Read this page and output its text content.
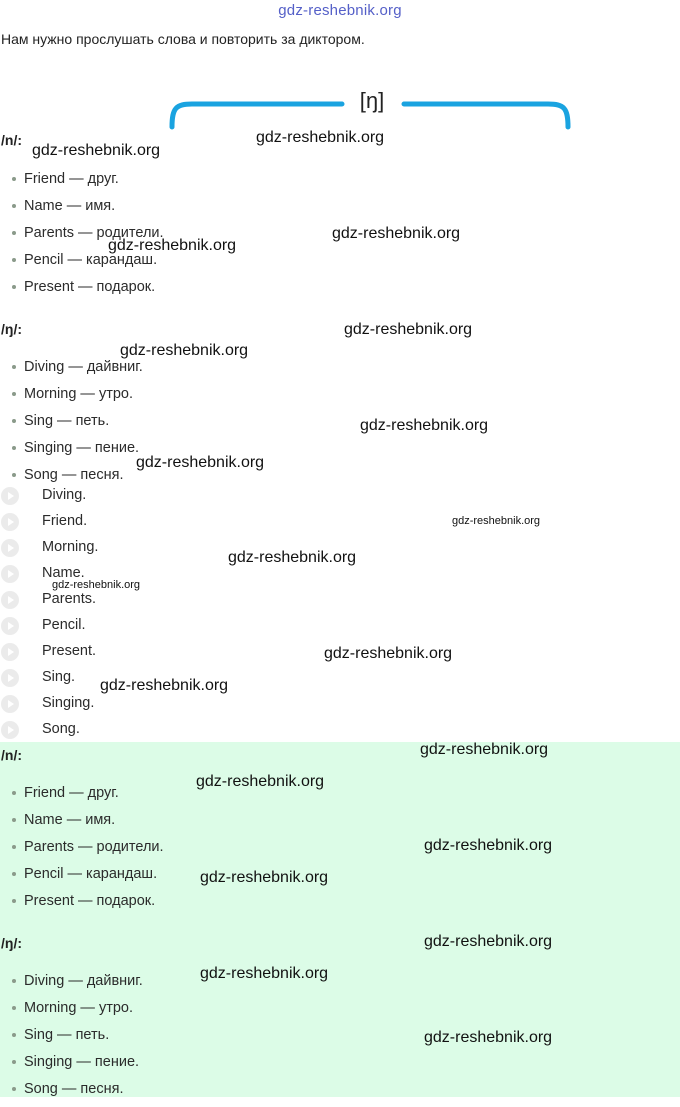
gdz-reshebnik.org
Нам нужно прослушать слова и повторить за диктором.
[ŋ]
/n/:
Friend — друг.
Name — имя.
Parents — родители.
Pencil — карандаш.
Present — подарок.
/ŋ/:
Diving — дайвниг.
Morning — утро.
Sing — петь.
Singing — пение.
Song — песня.
Diving.
Friend.
Morning.
Name.
Parents.
Pencil.
Present.
Sing.
Singing.
Song.
/n/:
Friend — друг.
Name — имя.
Parents — родители.
Pencil — карандаш.
Present — подарок.
/ŋ/:
Diving — дайвниг.
Morning — утро.
Sing — петь.
Singing — пение.
Song — песня.
gdz-reshebnik.org
gdz-reshebnik.org
gdz-reshebnik.org
gdz-reshebnik.org
gdz-reshebnik.org
gdz-reshebnik.org
gdz-reshebnik.org
gdz-reshebnik.org
gdz-reshebnik.org
gdz-reshebnik.org
gdz-reshebnik.org
gdz-reshebnik.org
gdz-reshebnik.org
gdz-reshebnik.org
gdz-reshebnik.org
gdz-reshebnik.org
gdz-reshebnik.org
gdz-reshebnik.org
gdz-reshebnik.org
gdz-reshebnik.org
